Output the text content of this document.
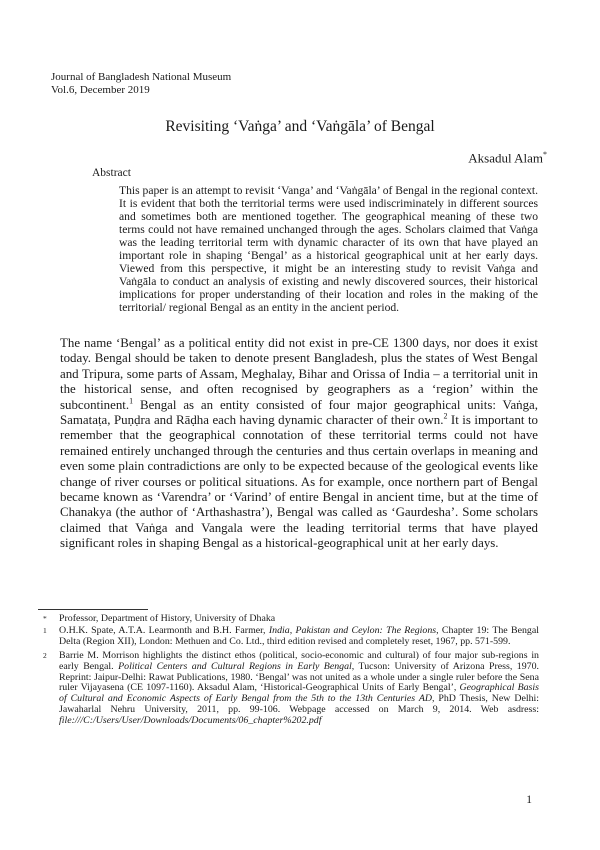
Journal of Bangladesh National Museum
Vol.6, December 2019
Revisiting ‘Vaṅga’ and ‘Vaṅgāla’ of Bengal
Aksadul Alam*
Abstract

This paper is an attempt to revisit ‘Vanga’ and ‘Vaṅgāla’ of Bengal in the regional context. It is evident that both the territorial terms were used indiscriminately in different sources and sometimes both are mentioned together. The geographical meaning of these two terms could not have remained unchanged through the ages. Scholars claimed that Vaṅga was the leading territorial term with dynamic character of its own that have played an important role in shaping ‘Bengal’ as a historical geographical unit at her early days. Viewed from this perspective, it might be an interesting study to revisit Vaṅga and Vaṅgāla to conduct an analysis of existing and newly discovered sources, their historical implications for proper understanding of their location and roles in the making of the territorial/ regional Bengal as an entity in the ancient period.

The name ‘Bengal’ as a political entity did not exist in pre-CE 1300 days, nor does it exist today. Bengal should be taken to denote present Bangladesh, plus the states of West Bengal and Tripura, some parts of Assam, Meghalay, Bihar and Orissa of India – a territorial unit in the historical sense, and often recognised by geographers as a ‘region’ within the subcontinent.$^1$ Bengal as an entity consisted of four major geographical units: Vaṅga, Samataṭa, Puṇḍra and Rāḍha each having dynamic character of their own.$^2$ It is important to remember that the geographical connotation of these territorial terms could not have remained entirely unchanged through the centuries and thus certain overlaps in meaning and even some plain contradictions are only to be expected because of the geological events like change of river courses or political situations. As for example, once northern part of Bengal became known as ‘Varendra’ or ‘Varind’ of entire Bengal in ancient time, but at the time of Chanakya (the author of ‘Arthashastra’), Bengal was called as ‘Gaurdesha’. Some scholars claimed that Vaṅga and Vangala were the leading territorial terms that have played significant roles in shaping Bengal as a historical-geographical unit at her early days.

* Professor, Department of History, University of Dhaka
1 O.H.K. Spate, A.T.A. Learmonth and B.H. Farmer, India, Pakistan and Ceylon: The Regions, Chapter 19: The Bengal Delta (Region XII), London: Methuen and Co. Ltd., third edition revised and completely reset, 1967, pp. 571-599.
2 Barrie M. Morrison highlights the distinct ethos (political, socio-economic and cultural) of four major sub-regions in early Bengal. Political Centers and Cultural Regions in Early Bengal, Tucson: University of Arizona Press, 1970. Reprint: Jaipur-Delhi: Rawat Publications, 1980. ‘Bengal’ was not united as a whole under a single ruler before the Sena ruler Vijayasena (CE 1097-1160). Aksadul Alam, ‘Historical-Geographical Units of Early Bengal’, Geographical Basis of Cultural and Economic Aspects of Early Bengal from the 5th to the 13th Centuries AD, PhD Thesis, New Delhi: Jawaharlal Nehru University, 2011, pp. 99-106. Webpage accessed on March 9, 2014. Web asdress: file:///C:/Users/User/Downloads/Documents/06_chapter%202.pdf
1
